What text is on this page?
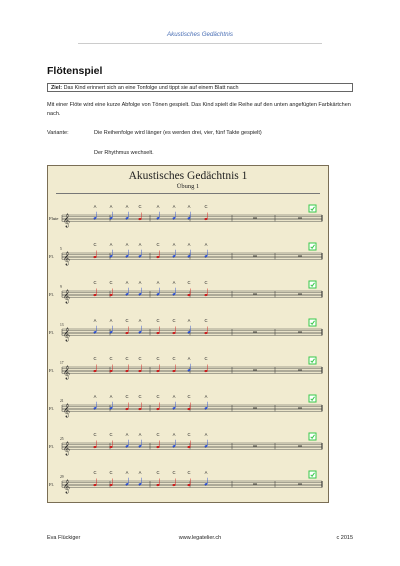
Akustisches Gedächtnis
Flötenspiel
Ziel: Das Kind erinnert sich an eine Tonfolge und tippt sie auf einem Blatt nach
Mit einer Flöte wird eine kurze Abfolge von Tönen gespielt. Das Kind spielt die Reihe auf den unten angefügten Farbkärtchen nach.
Variante:	Die Reihenfolge wird länger (es werden drei, vier, fünf Takte gespielt)
Der Rhythmus wechselt.
Akustisches Gedächtnis 1
Übung 1
𝄞
Flute
A	A	A C	A	A	A	C
𝄞
Fl.
5
C	A	A A	C	A	A	A
𝄞
Fl.
9
C	C	A A	A	A	C	C
𝄞
Fl.
13
A	A	C A	C	C	A	C
𝄞
Fl.
17
C	C	C C	C	C	A	C
𝄞
Fl.
21
A	A	C C	C	A	C	A
𝄞
Fl.
25
C	C	A A	C	A	C	A
𝄞
Fl.
29
C	C	A A	C	C	C	A
Eva Flückiger	www.legatelier.ch	c 2015
